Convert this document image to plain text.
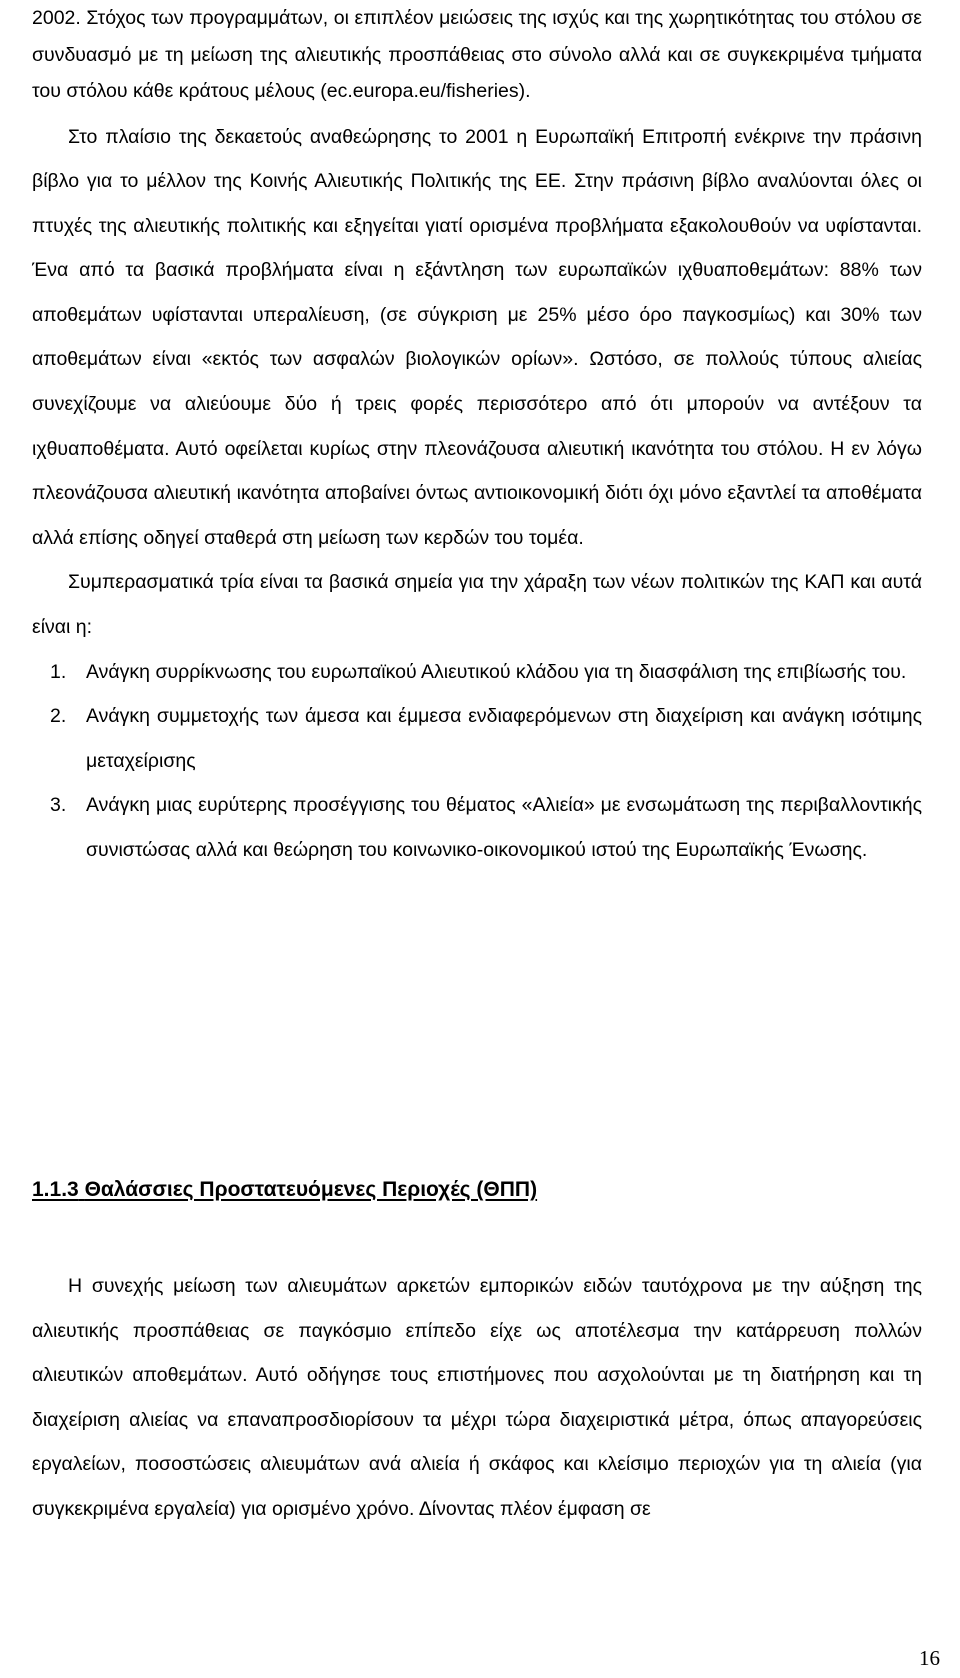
2002. Στόχος των προγραμμάτων, οι επιπλέον μειώσεις της ισχύς και της χωρητικότητας του στόλου σε συνδυασμό με τη μείωση της αλιευτικής προσπάθειας στο σύνολο αλλά και σε συγκεκριμένα τμήματα του στόλου κάθε κράτους μέλους (ec.europa.eu/fisheries).

Στο πλαίσιο της δεκαετούς αναθεώρησης το 2001 η Ευρωπαϊκή Επιτροπή ενέκρινε την πράσινη βίβλο για το μέλλον της Κοινής Αλιευτικής Πολιτικής της ΕΕ. Στην πράσινη βίβλο αναλύονται όλες οι πτυχές της αλιευτικής πολιτικής και εξηγείται γιατί ορισμένα προβλήματα εξακολουθούν να υφίστανται. Ένα από τα βασικά προβλήματα είναι η εξάντληση των ευρωπαϊκών ιχθυαποθεμάτων: 88% των αποθεμάτων υφίστανται υπεραλίευση, (σε σύγκριση με 25% μέσο όρο παγκοσμίως) και 30% των αποθεμάτων είναι «εκτός των ασφαλών βιολογικών ορίων». Ωστόσο, σε πολλούς τύπους αλιείας συνεχίζουμε να αλιεύουμε δύο ή τρεις φορές περισσότερο από ότι μπορούν να αντέξουν τα ιχθυαποθέματα. Αυτό οφείλεται κυρίως στην πλεονάζουσα αλιευτική ικανότητα του στόλου. Η εν λόγω πλεονάζουσα αλιευτική ικανότητα αποβαίνει όντως αντιοικονομική διότι όχι μόνο εξαντλεί τα αποθέματα αλλά επίσης οδηγεί σταθερά στη μείωση των κερδών του τομέα.

Συμπερασματικά τρία είναι τα βασικά σημεία για την χάραξη των νέων πολιτικών της ΚΑΠ και αυτά είναι η:

1. Ανάγκη συρρίκνωσης του ευρωπαϊκού Αλιευτικού κλάδου για τη διασφάλιση της επιβίωσής του.
2. Ανάγκη συμμετοχής των άμεσα και έμμεσα ενδιαφερόμενων στη διαχείριση και ανάγκη ισότιμης μεταχείρισης
3. Ανάγκη μιας ευρύτερης προσέγγισης του θέματος «Αλιεία» με ενσωμάτωση της περιβαλλοντικής συνιστώσας αλλά και θεώρηση του κοινωνικο-οικονομικού ιστού της Ευρωπαϊκής Ένωσης.
1.1.3 Θαλάσσιες Προστατευόμενες Περιοχές (ΘΠΠ)

Η συνεχής μείωση των αλιευμάτων αρκετών εμπορικών ειδών ταυτόχρονα με την αύξηση της αλιευτικής προσπάθειας σε παγκόσμιο επίπεδο είχε ως αποτέλεσμα την κατάρρευση πολλών αλιευτικών αποθεμάτων. Αυτό οδήγησε τους επιστήμονες που ασχολούνται με τη διατήρηση και τη διαχείριση αλιείας να επαναπροσδιορίσουν τα μέχρι τώρα διαχειριστικά μέτρα, όπως απαγορεύσεις εργαλείων, ποσοστώσεις αλιευμάτων ανά αλιεία ή σκάφος και κλείσιμο περιοχών για τη αλιεία (για συγκεκριμένα εργαλεία) για ορισμένο χρόνο. Δίνοντας πλέον έμφαση σε

16
